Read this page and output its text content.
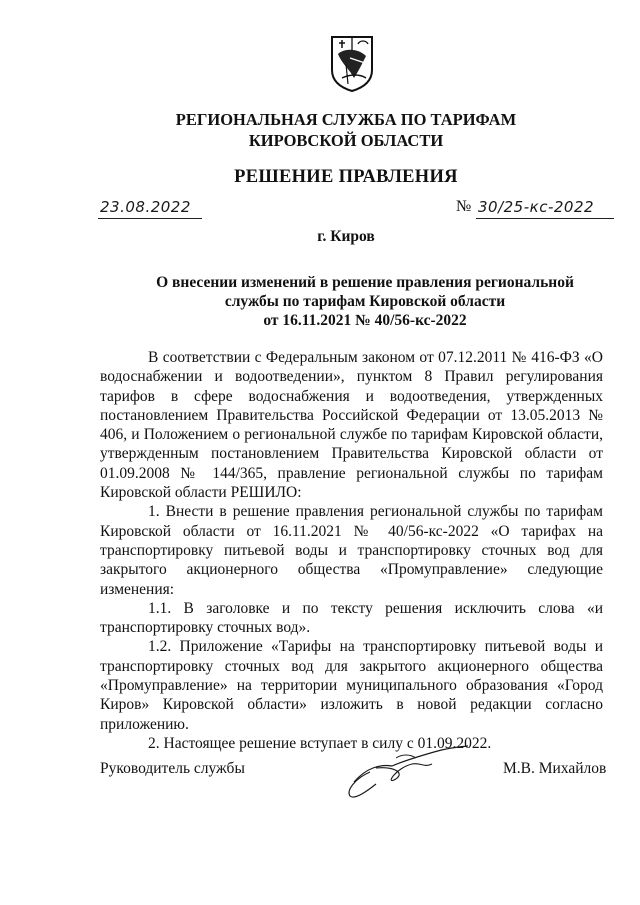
РЕГИОНАЛЬНАЯ СЛУЖБА ПО ТАРИФАМ
КИРОВСКОЙ ОБЛАСТИ
РЕШЕНИЕ ПРАВЛЕНИЯ
23.08.2022	№ 30/25-кс-2022
г. Киров
О внесении изменений в решение правления региональной
службы по тарифам Кировской области
от 16.11.2021 № 40/56-кс-2022

В соответствии с Федеральным законом от 07.12.2011 № 416-ФЗ «О водоснабжении и водоотведении», пунктом 8 Правил регулирования тарифов в сфере водоснабжения и водоотведения, утвержденных постановлением Правительства Российской Федерации от 13.05.2013 № 406, и Положением о региональной службе по тарифам Кировской области, утвержденным постановлением Правительства Кировской области от 01.09.2008 № 144/365, правление региональной службы по тарифам Кировской области РЕШИЛО:

1. Внести в решение правления региональной службы по тарифам Кировской области от 16.11.2021 № 40/56-кс-2022 «О тарифах на транспортировку питьевой воды и транспортировку сточных вод для закрытого акционерного общества «Промуправление» следующие изменения:

1.1. В заголовке и по тексту решения исключить слова «и транспортировку сточных вод».

1.2. Приложение «Тарифы на транспортировку питьевой воды и транспортировку сточных вод для закрытого акционерного общества «Промуправление» на территории муниципального образования «Город Киров» Кировской области» изложить в новой редакции согласно приложению.

2. Настоящее решение вступает в силу с 01.09.2022.

Руководитель службы	М.В. Михайлов
